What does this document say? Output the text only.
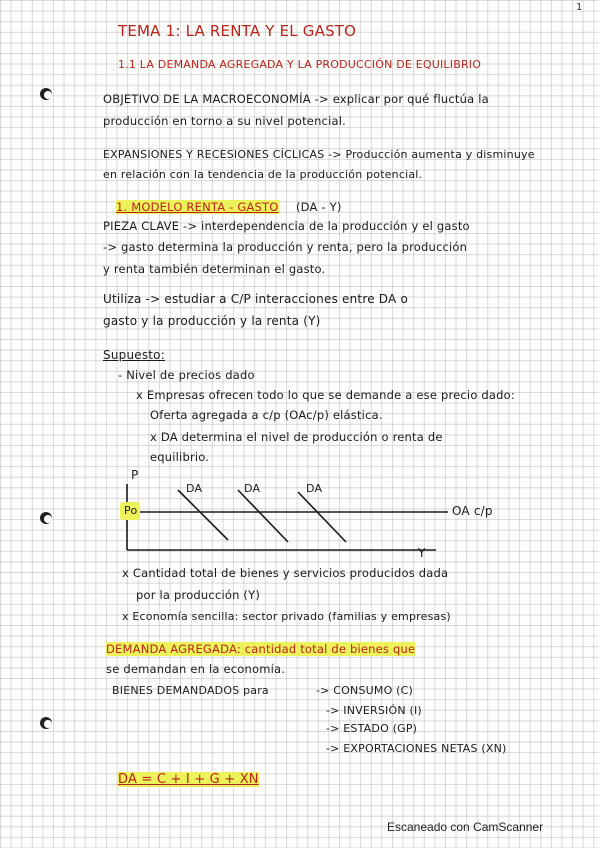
1
TEMA 1: LA RENTA Y EL GASTO
1.1 LA DEMANDA AGREGADA Y LA PRODUCCIÓN DE EQUILIBRIO
OBJETIVO DE LA MACROECONOMÍA -> explicar por qué fluctúa la
producción en torno a su nivel potencial.
EXPANSIONES Y RECESIONES CÍCLICAS -> Producción aumenta y disminuye
en relación con la tendencia de la producción potencial.
1. MODELO RENTA - GASTO (DA - Y)
PIEZA CLAVE -> interdependencia de la producción y el gasto
-> gasto determina la producción y renta, pero la producción
y renta también determinan el gasto.
Utiliza -> estudiar a C/P interacciones entre DA o
gasto y la producción y la renta (Y)
Supuesto:
- Nivel de precios dado
x Empresas ofrecen todo lo que se demande a ese precio dado:
Oferta agregada a c/p (OAc/p) elástica.
x DA determina el nivel de producción o renta de
equilibrio.
P
Y
Po
DA	DA	DA
OA c/p
x Cantidad total de bienes y servicios producidos dada
por la producción (Y)
x Economía sencilla: sector privado (familias y empresas)
DEMANDA AGREGADA: cantidad total de bienes que
se demandan en la economía.
BIENES DEMANDADOS para	-> CONSUMO (C)
-> INVERSIÓN (I)
-> ESTADO (GP)
-> EXPORTACIONES NETAS (XN)
DA = C + I + G + XN
Escaneado con CamScanner
